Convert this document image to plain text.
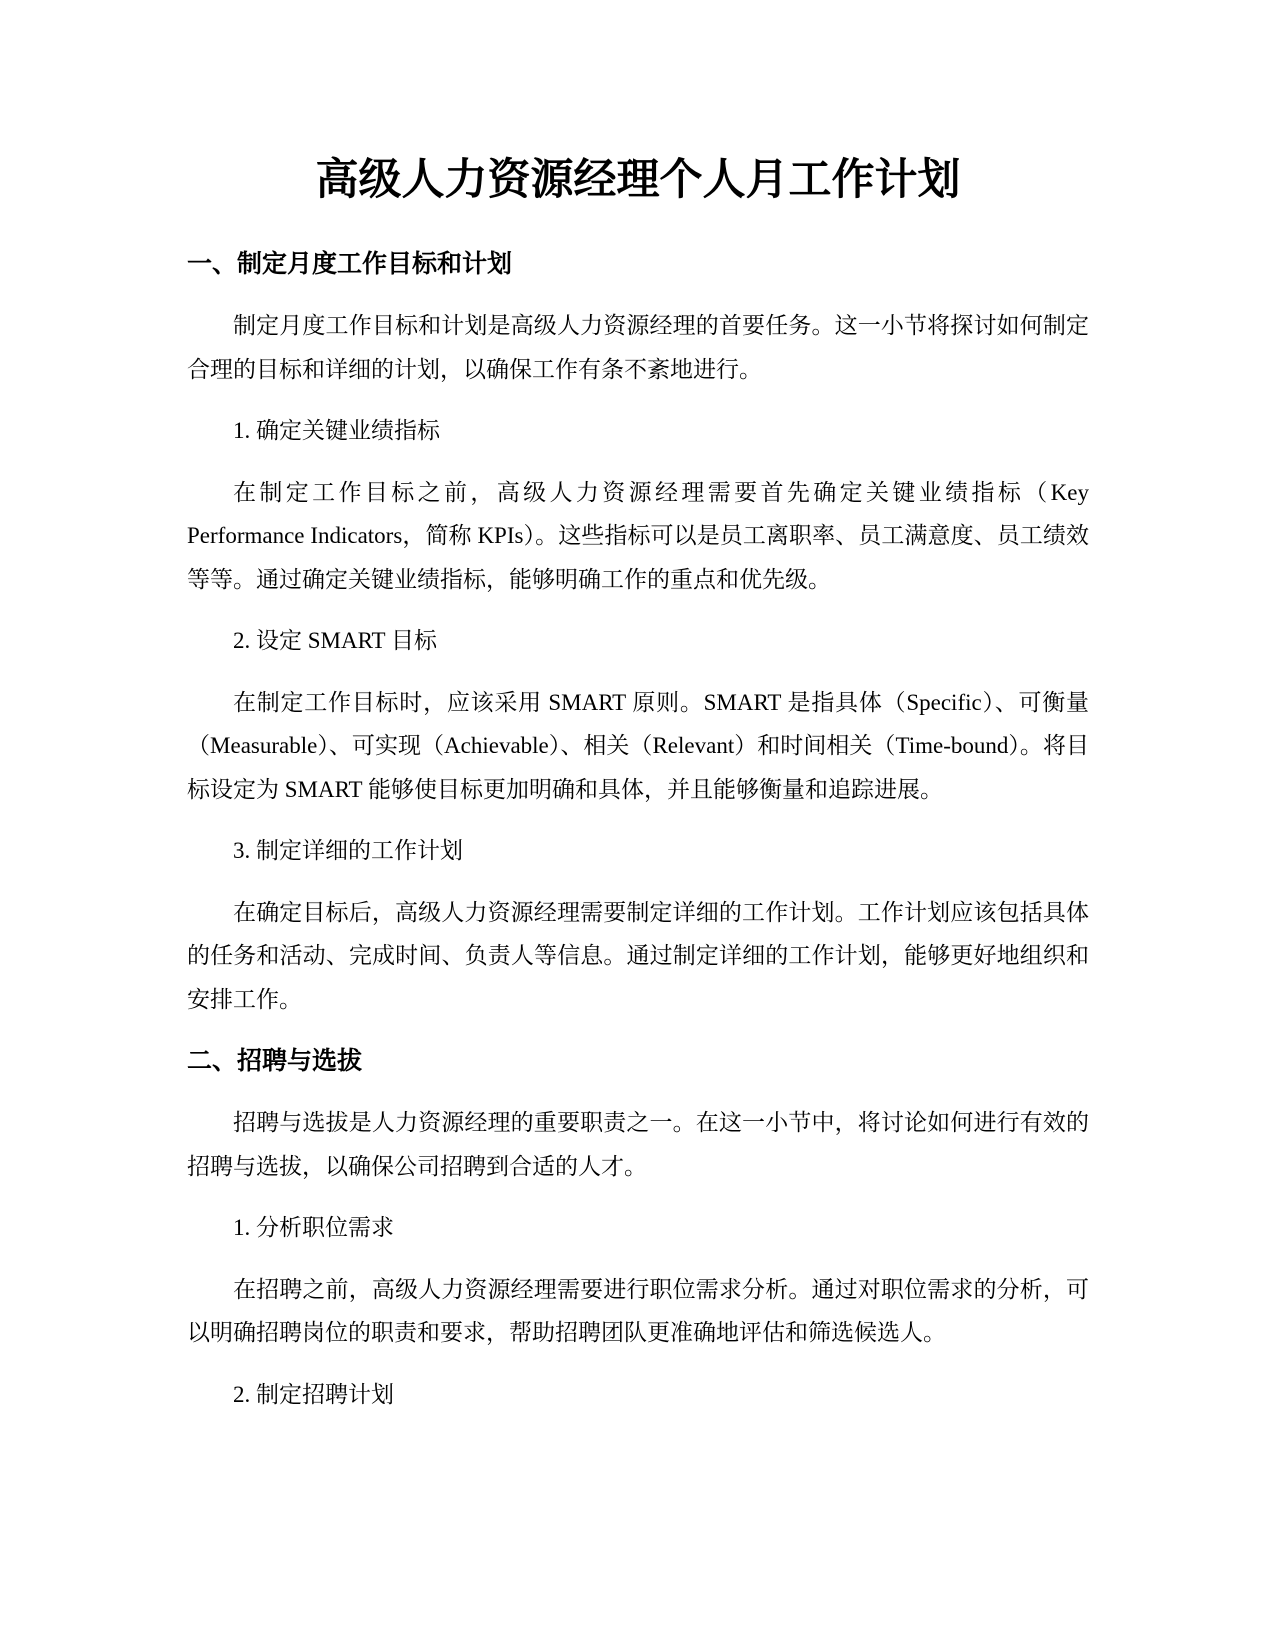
高级人力资源经理个人月工作计划
一、制定月度工作目标和计划

制定月度工作目标和计划是高级人力资源经理的首要任务。这一小节将探讨如何制定合理的目标和详细的计划，以确保工作有条不紊地进行。

1. 确定关键业绩指标

在制定工作目标之前，高级人力资源经理需要首先确定关键业绩指标（Key Performance Indicators，简称 KPIs）。这些指标可以是员工离职率、员工满意度、员工绩效等等。通过确定关键业绩指标，能够明确工作的重点和优先级。

2. 设定 SMART 目标

在制定工作目标时，应该采用 SMART 原则。SMART 是指具体（Specific）、可衡量（Measurable）、可实现（Achievable）、相关（Relevant）和时间相关（Time-bound）。将目标设定为 SMART 能够使目标更加明确和具体，并且能够衡量和追踪进展。

3. 制定详细的工作计划

在确定目标后，高级人力资源经理需要制定详细的工作计划。工作计划应该包括具体的任务和活动、完成时间、负责人等信息。通过制定详细的工作计划，能够更好地组织和安排工作。

二、招聘与选拔

招聘与选拔是人力资源经理的重要职责之一。在这一小节中，将讨论如何进行有效的招聘与选拔，以确保公司招聘到合适的人才。

1. 分析职位需求

在招聘之前，高级人力资源经理需要进行职位需求分析。通过对职位需求的分析，可以明确招聘岗位的职责和要求，帮助招聘团队更准确地评估和筛选候选人。

2. 制定招聘计划
